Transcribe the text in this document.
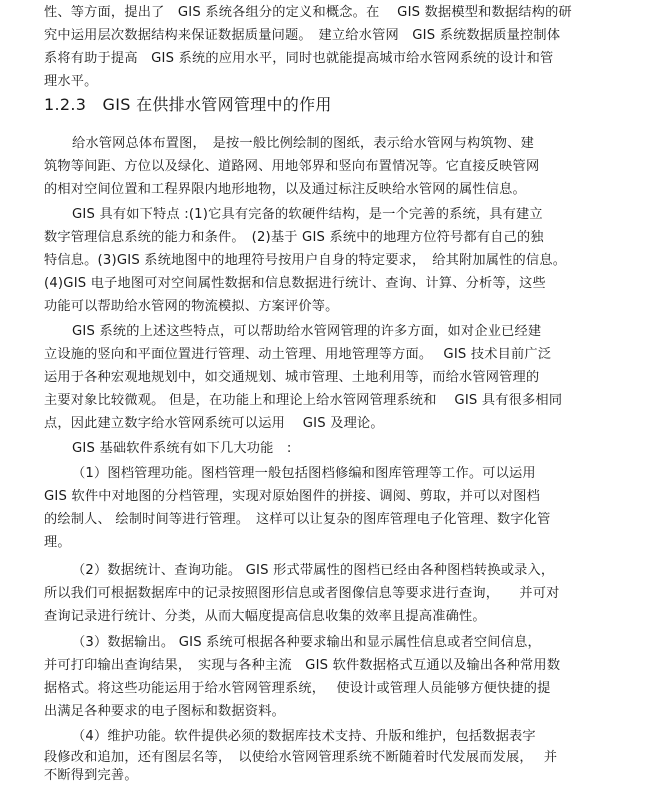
性、等方面，提出了　GIS 系统各组分的定义和概念。在　 GIS 数据模型和数据结构的研
究中运用层次数据结构来保证数据质量问题。　建立给水管网　GIS 系统数据质量控制体
系将有助于提高　GIS 系统的应用水平，同时也就能提高城市给水管网系统的设计和管
理水平。
1.2.3　GIS 在供排水管网管理中的作用
给水管网总体布置图，　是按一般比例绘制的图纸，表示给水管网与构筑物、建
筑物等间距、方位以及绿化、道路网、用地邻界和竖向布置情况等。它直接反映管网
的相对空间位置和工程界限内地形地物，以及通过标注反映给水管网的属性信息。
GIS 具有如下特点 :(1)它具有完备的软硬件结构，是一个完善的系统，具有建立
数字管理信息系统的能力和条件。　(2)基于 GIS 系统中的地理方位符号都有自己的独
特信息。(3)GIS 系统地图中的地理符号按用户自身的特定要求，　给其附加属性的信息。
(4)GIS 电子地图可对空间属性数据和信息数据进行统计、查询、计算、分析等，这些
功能可以帮助给水管网的物流模拟、方案评价等。
GIS 系统的上述这些特点，可以帮助给水管网管理的许多方面，如对企业已经建
立设施的竖向和平面位置进行管理、动土管理、用地管理等方面。　 GIS 技术目前广泛
运用于各种宏观地规划中，如交通规划、城市管理、土地利用等，而给水管网管理的
主要对象比较微观。 但是，在功能上和理论上给水管网管理系统和　 GIS 具有很多相同
点，因此建立数字给水管网系统可以运用　 GIS 及理论。
GIS 基础软件系统有如下几大功能　:
（1）图档管理功能。图档管理一般包括图档修编和图库管理等工作。可以运用
GIS 软件中对地图的分档管理，实现对原始图件的拼接、调阅、剪取，并可以对图档
的绘制人、 绘制时间等进行管理。　这样可以让复杂的图库管理电子化管理、数字化管
理。
（2）数据统计、查询功能。 GIS 形式带属性的图档已经由各种图档转换或录入，
所以我们可根据数据库中的记录按照图形信息或者图像信息等要求进行查询，　　并可对
查询记录进行统计、分类，从而大幅度提高信息收集的效率且提高准确性。
（3）数据输出。 GIS 系统可根据各种要求输出和显示属性信息或者空间信息，
并可打印输出查询结果，　实现与各种主流　GIS 软件数据格式互通以及输出各种常用数
据格式。将这些功能运用于给水管网管理系统，　 使设计或管理人员能够方便快捷的提
出满足各种要求的电子图标和数据资料。
（4）维护功能。软件提供必须的数据库技术支持、升版和维护，包括数据表字
段修改和追加，还有图层名等，　以使给水管网管理系统不断随着时代发展而发展，　 并
不断得到完善。
